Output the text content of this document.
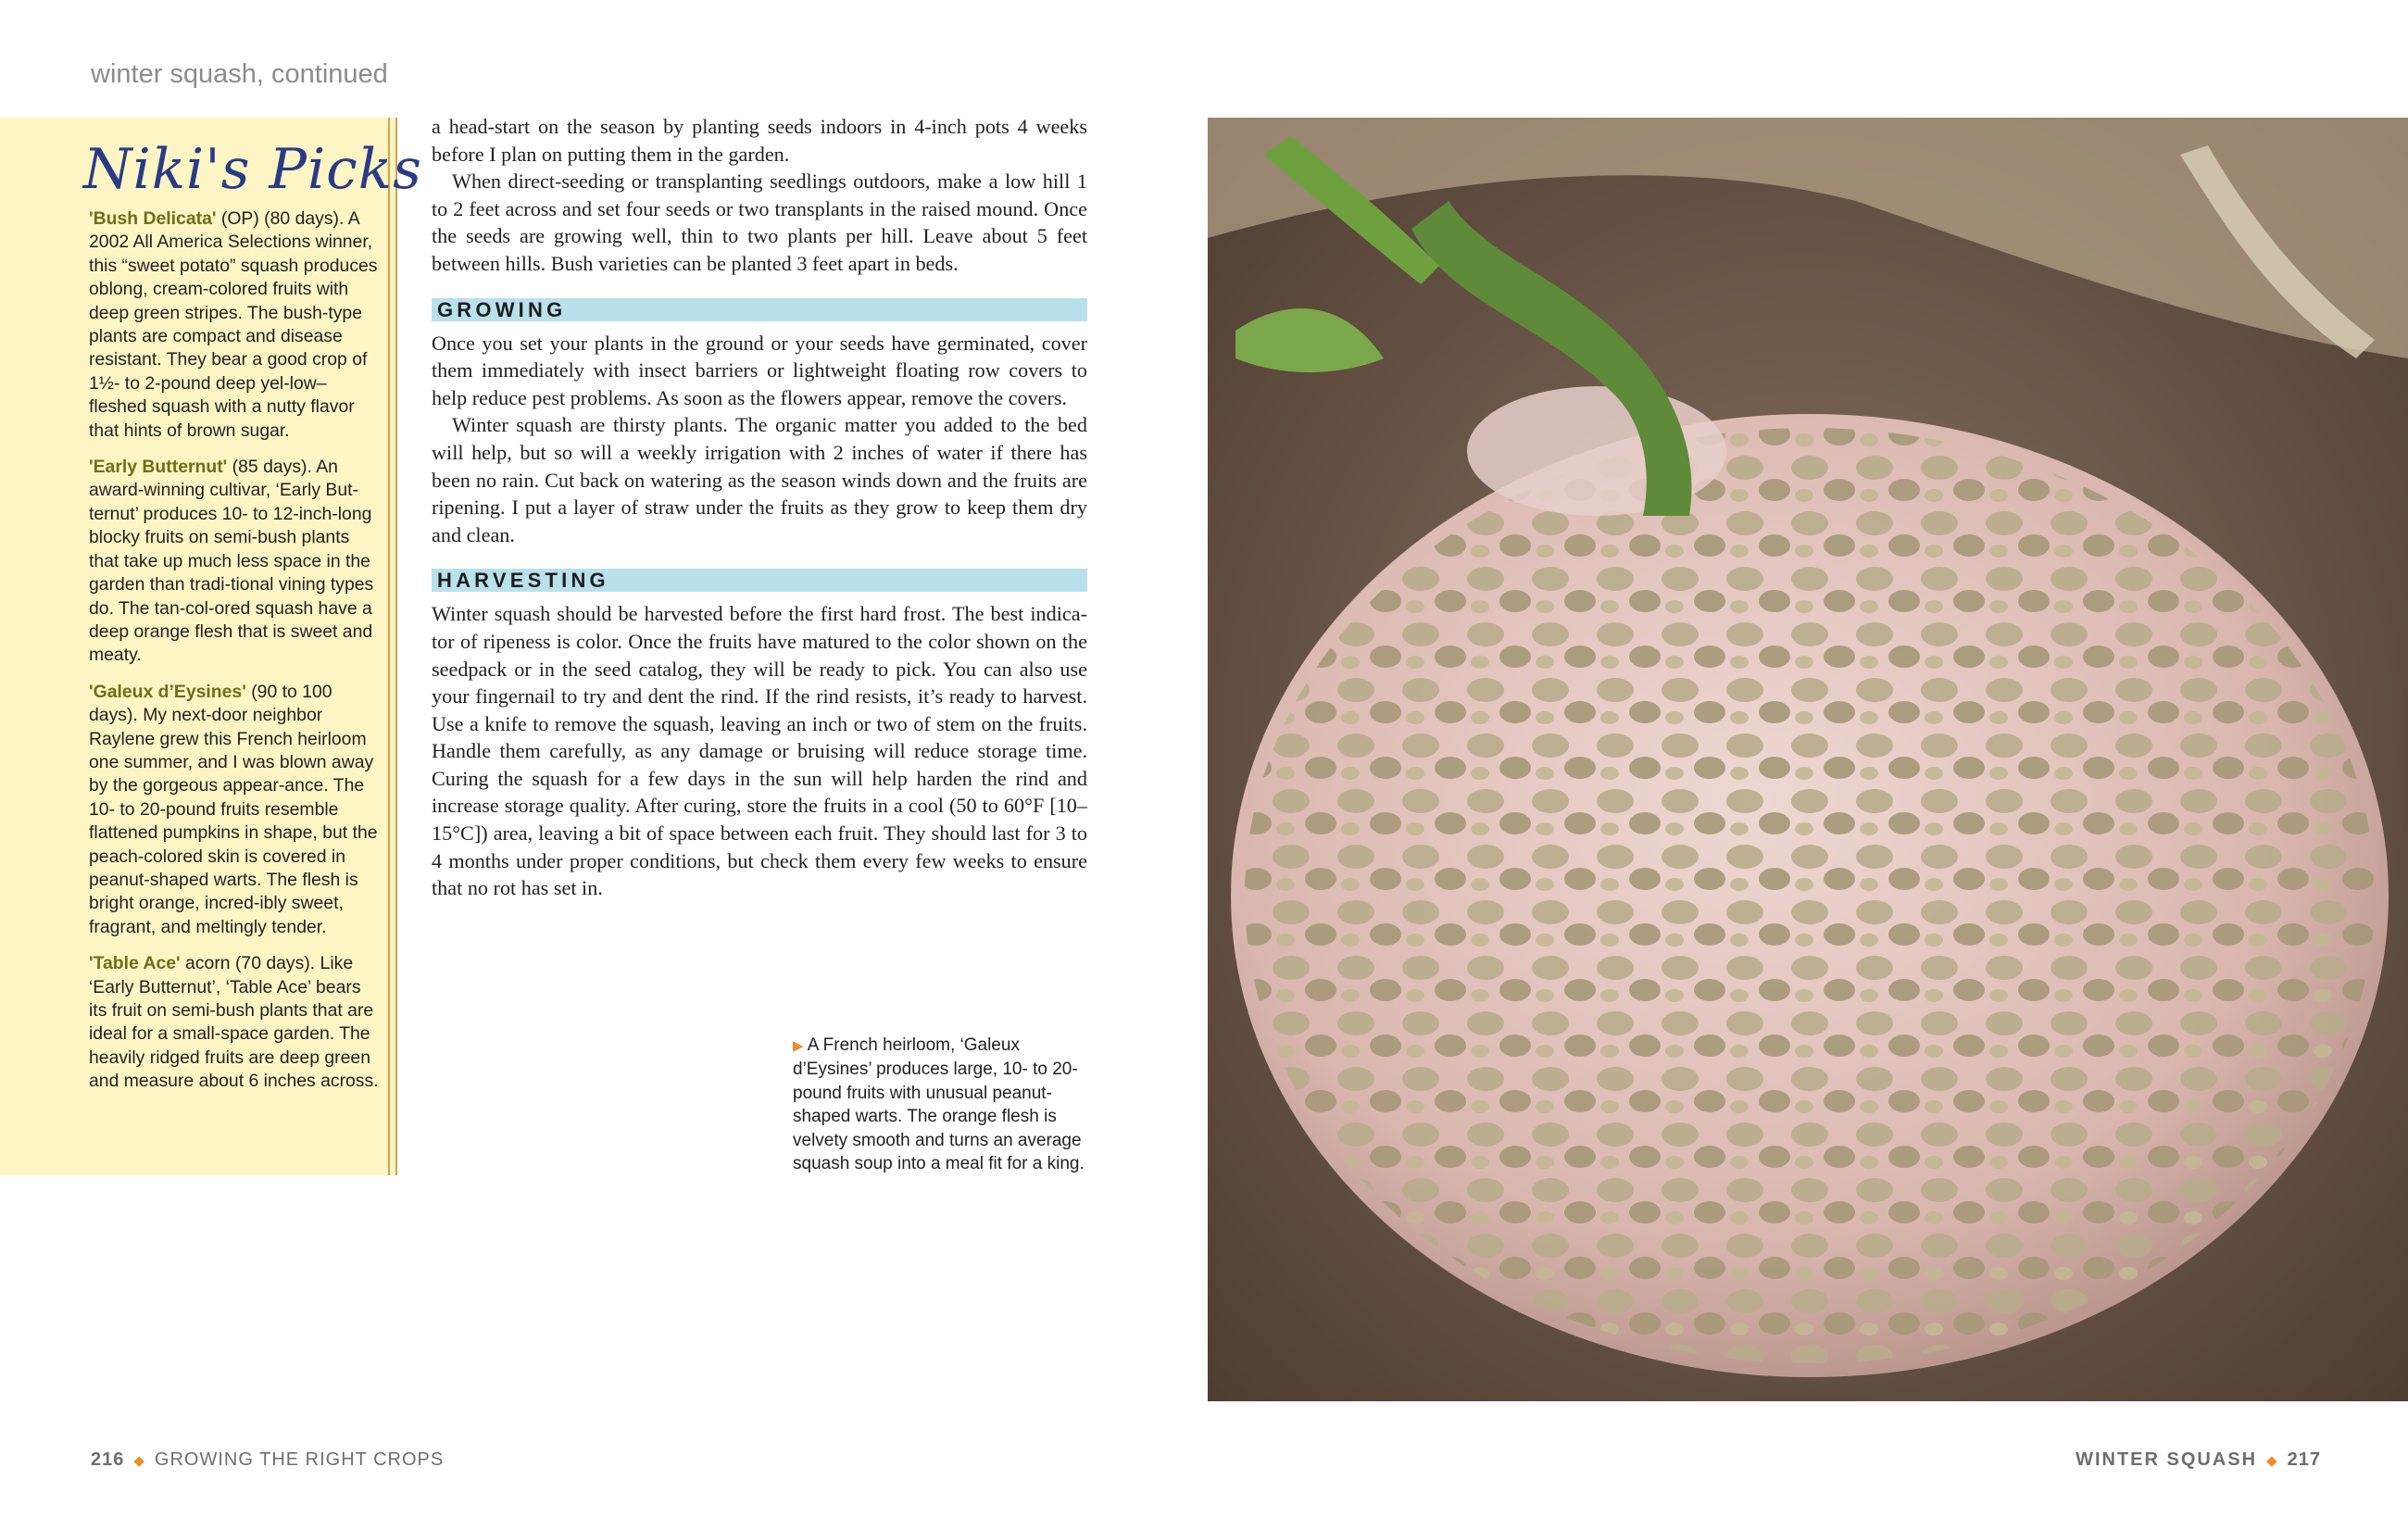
winter squash, continued
Niki's Picks

'Bush Delicata' (OP) (80 days). A 2002 All America Selections winner, this “sweet potato” squash produces oblong, cream-colored fruits with deep green stripes. The bush-type plants are compact and disease resistant. They bear a good crop of 1½- to 2-pound deep yel-low–fleshed squash with a nutty flavor that hints of brown sugar.

'Early Butternut' (85 days). An award-winning cultivar, ‘Early But-ternut’ produces 10- to 12-inch-long blocky fruits on semi-bush plants that take up much less space in the garden than tradi-tional vining types do. The tan-col-ored squash have a deep orange flesh that is sweet and meaty.

'Galeux d’Eysines' (90 to 100 days). My next-door neighbor Raylene grew this French heirloom one summer, and I was blown away by the gorgeous appear-ance. The 10- to 20-pound fruits resemble flattened pumpkins in shape, but the peach-colored skin is covered in peanut-shaped warts. The flesh is bright orange, incred-ibly sweet, fragrant, and meltingly tender.

'Table Ace' acorn (70 days). Like ‘Early Butternut’, ‘Table Ace’ bears its fruit on semi-bush plants that are ideal for a small-space garden. The heavily ridged fruits are deep green and measure about 6 inches across.

a head-start on the season by planting seeds indoors in 4-inch pots 4 weeks before I plan on putting them in the garden.

When direct-seeding or transplanting seedlings outdoors, make a low hill 1 to 2 feet across and set four seeds or two transplants in the raised mound. Once the seeds are growing well, thin to two plants per hill. Leave about 5 feet between hills. Bush varieties can be planted 3 feet apart in beds.

GROWING

Once you set your plants in the ground or your seeds have germinated, cover them immediately with insect barriers or lightweight floating row covers to help reduce pest problems. As soon as the flowers appear, remove the covers.

Winter squash are thirsty plants. The organic matter you added to the bed will help, but so will a weekly irrigation with 2 inches of water if there has been no rain. Cut back on watering as the season winds down and the fruits are ripening. I put a layer of straw under the fruits as they grow to keep them dry and clean.

HARVESTING

Winter squash should be harvested before the first hard frost. The best indica-tor of ripeness is color. Once the fruits have matured to the color shown on the seedpack or in the seed catalog, they will be ready to pick. You can also use your fingernail to try and dent the rind. If the rind resists, it’s ready to harvest. Use a knife to remove the squash, leaving an inch or two of stem on the fruits. Handle them carefully, as any damage or bruising will reduce storage time. Curing the squash for a few days in the sun will help harden the rind and increase storage quality. After curing, store the fruits in a cool (50 to 60°F [10–15°C]) area, leaving a bit of space between each fruit. They should last for 3 to 4 months under proper conditions, but check them every few weeks to ensure that no rot has set in.

▶ A French heirloom, ‘Galeux d’Eysines’ produces large, 10- to 20-pound fruits with unusual peanut-shaped warts. The orange flesh is velvety smooth and turns an average squash soup into a meal fit for a king.
216 ◆ GROWING THE RIGHT CROPS	WINTER SQUASH ◆ 217
